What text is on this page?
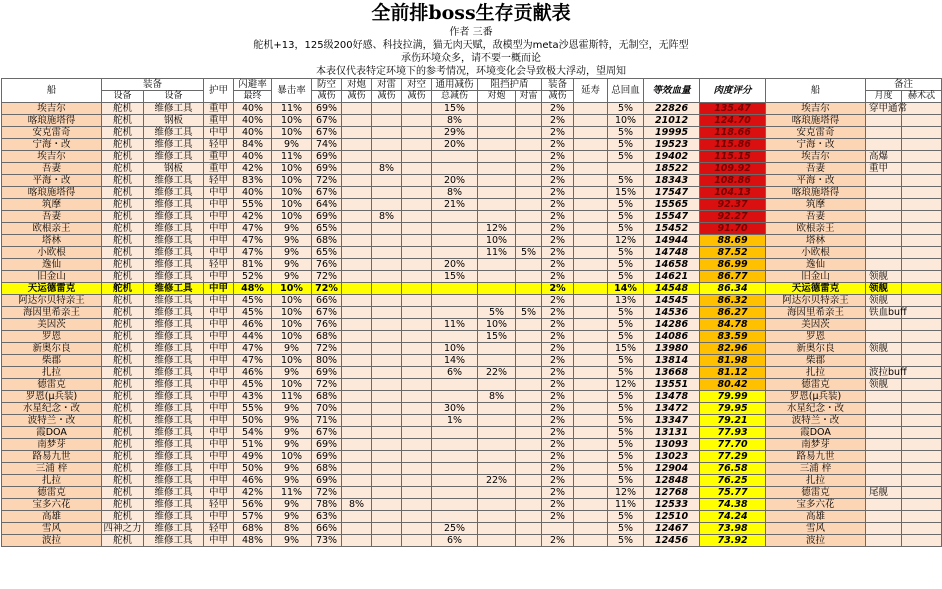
全前排boss生存贡献表
作者 三番
舵机+13，125级200好感、科技拉满，猫无肉天赋，敌模型为meta沙恩霍斯特，无制空，无阵型
承伤环境众多，请不要一概而论
本表仅代表特定环境下的参考情况，环境变化会导致极大浮动，望周知
船	装备		护甲	闪避率	暴击率	防空	对炮	对雷	对空	通用减伤	阻挡护盾		装备	延寿	总回血	等效血量	肉度评分	船	备注	
	设备	设备		最终		减伤	减伤	减伤	减伤	总减伤	对炮	对雷	减伤						月度	赫术忒
埃吉尔	舵机	维修工具	重甲	40%	11%	69%				15%			2%		5%	22826	135.47	埃吉尔	穿甲通常	
喀琅施塔得	舵机	钢板	重甲	40%	10%	67%				8%			2%		10%	21012	124.70	喀琅施塔得		
安克雷奇	舵机	维修工具	中甲	40%	10%	67%				29%			2%		5%	19995	118.66	安克雷奇		
宁海・改	舵机	维修工具	轻甲	84%	9%	74%				20%			2%		5%	19523	115.86	宁海・改		
埃吉尔	舵机	维修工具	重甲	40%	11%	69%							2%		5%	19402	115.15	埃吉尔	高爆	
吾妻	舵机	钢板	重甲	42%	10%	69%		8%					2%			18522	109.92	吾妻	重甲	
平海・改	舵机	维修工具	轻甲	83%	10%	72%				20%			2%		5%	18343	108.86	平海・改		
喀琅施塔得	舵机	维修工具	中甲	40%	10%	67%				8%			2%		15%	17547	104.13	喀琅施塔得		
筑摩	舵机	维修工具	中甲	55%	10%	64%				21%			2%		5%	15565	92.37	筑摩		
吾妻	舵机	维修工具	中甲	42%	10%	69%		8%					2%		5%	15547	92.27	吾妻		
欧根亲王	舵机	维修工具	中甲	47%	9%	65%					12%		2%		5%	15452	91.70	欧根亲王		
塔林	舵机	维修工具	中甲	47%	9%	68%					10%		2%		12%	14944	88.69	塔林		
小欧根	舵机	维修工具	中甲	47%	9%	65%					11%	5%	2%		5%	14748	87.52	小欧根		
逸仙	舵机	维修工具	轻甲	81%	9%	76%				20%			2%		5%	14658	86.99	逸仙		
旧金山	舵机	维修工具	中甲	52%	9%	72%				15%			2%		5%	14621	86.77	旧金山	领舰	
天运德雷克	舵机	维修工具	中甲	48%	10%	72%							2%		14%	14548	86.34	天运德雷克	领舰	
阿达尔贝特亲王	舵机	维修工具	中甲	45%	10%	66%							2%		13%	14545	86.32	阿达尔贝特亲王	领舰	
海因里希亲王	舵机	维修工具	中甲	45%	10%	67%					5%	5%	2%		5%	14536	86.27	海因里希亲王	铁血buff	
美因茨	舵机	维修工具	中甲	46%	10%	76%				11%	10%		2%		5%	14286	84.78	美因茨		
罗恩	舵机	维修工具	中甲	44%	10%	68%					15%		2%		5%	14086	83.59	罗恩		
新奥尔良	舵机	维修工具	中甲	47%	9%	72%				10%			2%		15%	13980	82.96	新奥尔良	领舰	
柴郡	舵机	维修工具	中甲	47%	10%	80%				14%			2%		5%	13814	81.98	柴郡		
扎拉	舵机	维修工具	中甲	46%	9%	69%				6%	22%		2%		5%	13668	81.12	扎拉	波拉buff	
德雷克	舵机	维修工具	中甲	45%	10%	72%							2%		12%	13551	80.42	德雷克	领舰	
罗恩(μ兵装)	舵机	维修工具	中甲	43%	11%	68%					8%		2%		5%	13478	79.99	罗恩(μ兵装)		
水星纪念・改	舵机	维修工具	中甲	55%	9%	70%				30%			2%		5%	13472	79.95	水星纪念・改		
波特兰・改	舵机	维修工具	中甲	50%	9%	71%				1%			2%		5%	13347	79.21	波特兰・改		
霞DOA	舵机	维修工具	中甲	54%	9%	67%							2%		5%	13131	77.93	霞DOA		
南梦芽	舵机	维修工具	中甲	51%	9%	69%							2%		5%	13093	77.70	南梦芽		
路易九世	舵机	维修工具	中甲	49%	10%	69%							2%		5%	13023	77.29	路易九世		
三浦 梓	舵机	维修工具	中甲	50%	9%	68%							2%		5%	12904	76.58	三浦 梓		
扎拉	舵机	维修工具	中甲	46%	9%	69%					22%		2%		5%	12848	76.25	扎拉		
德雷克	舵机	维修工具	中甲	42%	11%	72%							2%		12%	12768	75.77	德雷克	尾舰	
宝多六花	舵机	维修工具	轻甲	56%	9%	78%	8%						2%		11%	12533	74.38	宝多六花		
高雄	舵机	维修工具	中甲	57%	9%	63%							2%		5%	12510	74.24	高雄		
雪风	四神之力	维修工具	轻甲	68%	8%	66%				25%					5%	12467	73.98	雪风		
波拉	舵机	维修工具	中甲	48%	9%	73%				6%			2%		5%	12456	73.92	波拉		
